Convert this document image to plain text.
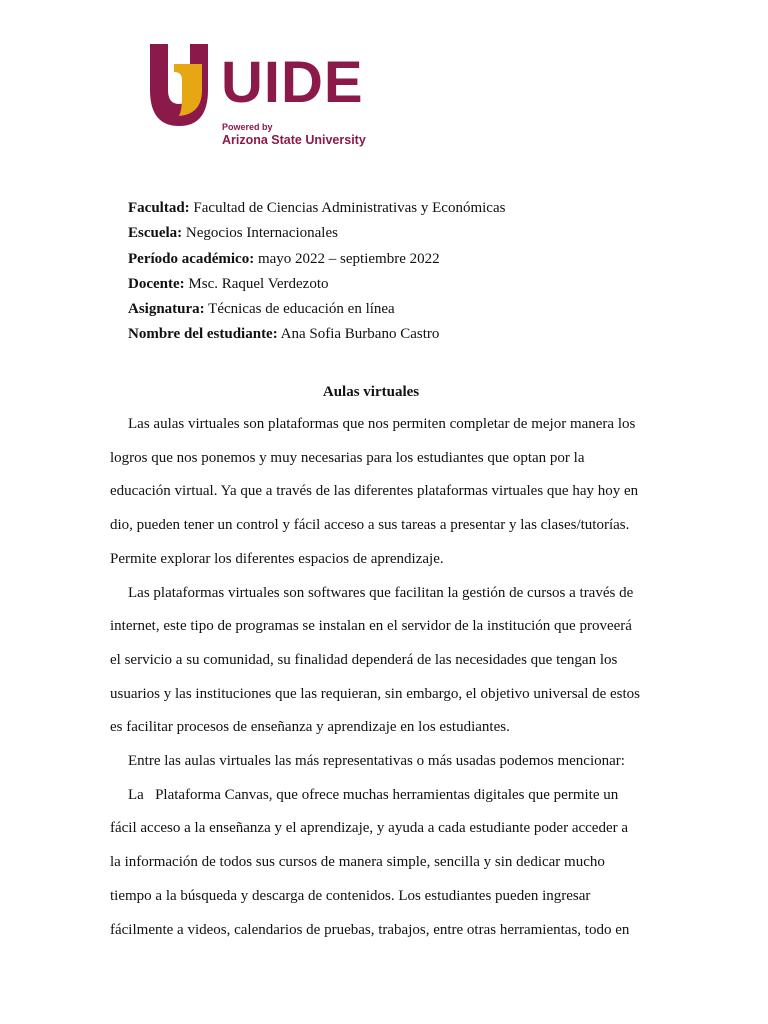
UIDE
Powered by
Arizona State University
Facultad: Facultad de Ciencias Administrativas y Económicas
Escuela: Negocios Internacionales
Período académico: mayo 2022 – septiembre 2022
Docente: Msc. Raquel Verdezoto
Asignatura: Técnicas de educación en línea
Nombre del estudiante: Ana Sofia Burbano Castro
Aulas virtuales

Las aulas virtuales son plataformas que nos permiten completar de mejor manera los
logros que nos ponemos y muy necesarias para los estudiantes que optan por la
educación virtual. Ya que a través de las diferentes plataformas virtuales que hay hoy en
dio, pueden tener un control y fácil acceso a sus tareas a presentar y las clases/tutorías.
Permite explorar los diferentes espacios de aprendizaje.

Las plataformas virtuales son softwares que facilitan la gestión de cursos a través de
internet, este tipo de programas se instalan en el servidor de la institución que proveerá
el servicio a su comunidad, su finalidad dependerá de las necesidades que tengan los
usuarios y las instituciones que las requieran, sin embargo, el objetivo universal de estos
es facilitar procesos de enseñanza y aprendizaje en los estudiantes.

Entre las aulas virtuales las más representativas o más usadas podemos mencionar:

La   Plataforma Canvas, que ofrece muchas herramientas digitales que permite un
fácil acceso a la enseñanza y el aprendizaje, y ayuda a cada estudiante poder acceder a
la información de todos sus cursos de manera simple, sencilla y sin dedicar mucho
tiempo a la búsqueda y descarga de contenidos. Los estudiantes pueden ingresar
fácilmente a videos, calendarios de pruebas, trabajos, entre otras herramientas, todo en
